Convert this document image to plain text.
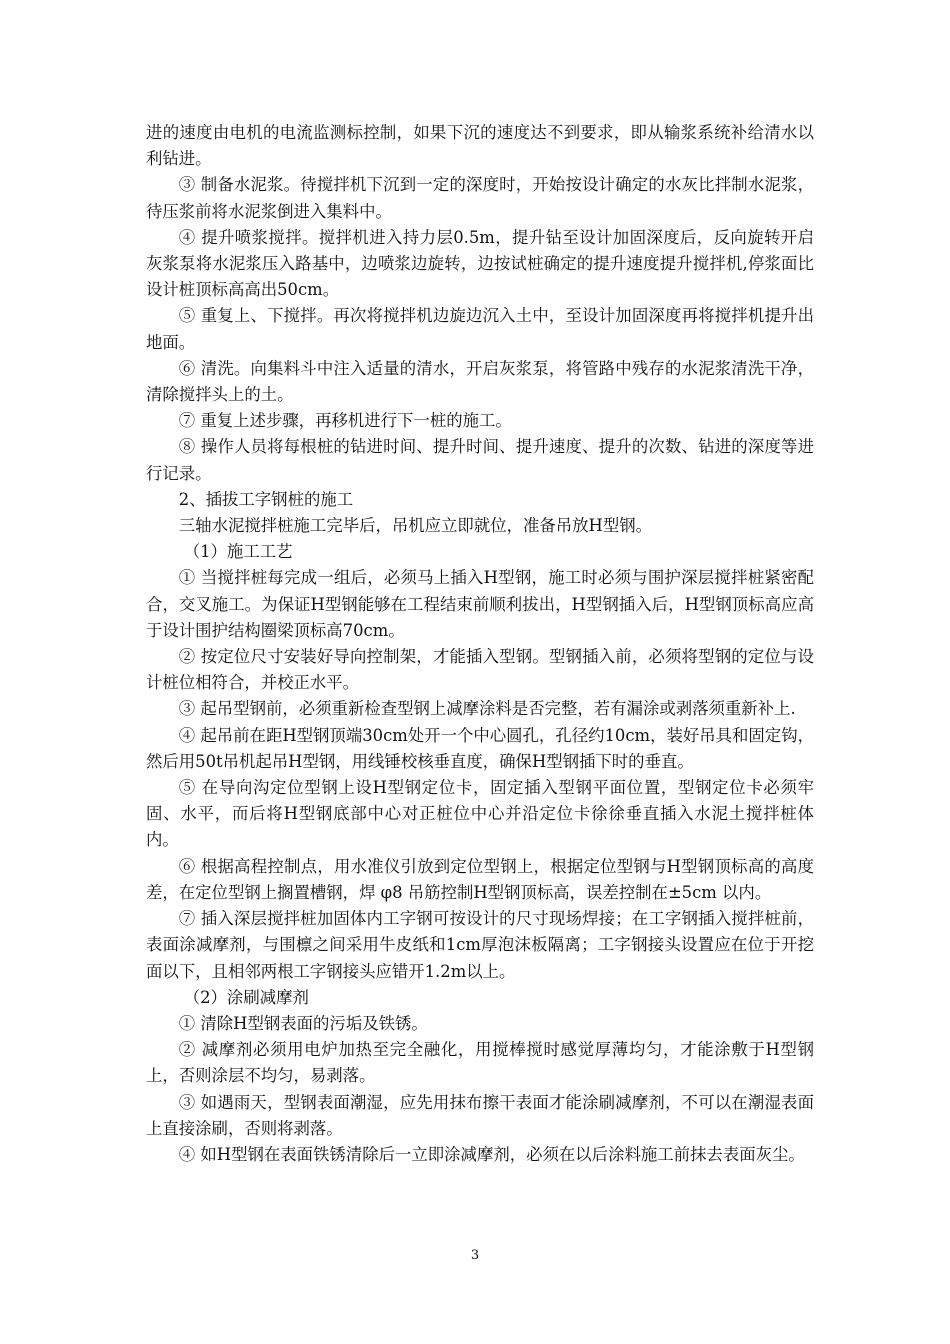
进的速度由电机的电流监测标控制，如果下沉的速度达不到要求，即从输浆系统补给清水以利钻进。

③ 制备水泥浆。待搅拌机下沉到一定的深度时，开始按设计确定的水灰比拌制水泥浆，待压浆前将水泥浆倒进入集料中。

④ 提升喷浆搅拌。搅拌机进入持力层0.5m，提升钻至设计加固深度后，反向旋转开启灰浆泵将水泥浆压入路基中，边喷浆边旋转，边按试桩确定的提升速度提升搅拌机,停浆面比设计桩顶标高高出50cm。

⑤ 重复上、下搅拌。再次将搅拌机边旋边沉入土中，至设计加固深度再将搅拌机提升出地面。

⑥ 清洗。向集料斗中注入适量的清水，开启灰浆泵，将管路中残存的水泥浆清洗干净，清除搅拌头上的土。

⑦ 重复上述步骤，再移机进行下一桩的施工。

⑧ 操作人员将每根桩的钻进时间、提升时间、提升速度、提升的次数、钻进的深度等进行记录。

2、插拔工字钢桩的施工

三轴水泥搅拌桩施工完毕后，吊机应立即就位，准备吊放H型钢。

（1）施工工艺

① 当搅拌桩每完成一组后，必须马上插入H型钢，施工时必须与围护深层搅拌桩紧密配合，交叉施工。为保证H型钢能够在工程结束前顺利拔出，H型钢插入后，H型钢顶标高应高于设计围护结构圈梁顶标高70cm。

② 按定位尺寸安装好导向控制架，才能插入型钢。型钢插入前，必须将型钢的定位与设计桩位相符合，并校正水平。

③ 起吊型钢前，必须重新检查型钢上减摩涂料是否完整，若有漏涂或剥落须重新补上.

④ 起吊前在距H型钢顶端30cm处开一个中心圆孔，孔径约10cm，装好吊具和固定钩，然后用50t吊机起吊H型钢，用线锤校核垂直度，确保H型钢插下时的垂直。

⑤ 在导向沟定位型钢上设H型钢定位卡，固定插入型钢平面位置，型钢定位卡必须牢固、水平，而后将H型钢底部中心对正桩位中心并沿定位卡徐徐垂直插入水泥土搅拌桩体内。

⑥ 根据高程控制点，用水准仪引放到定位型钢上，根据定位型钢与H型钢顶标高的高度差，在定位型钢上搁置槽钢，焊 φ8 吊筋控制H型钢顶标高，误差控制在±5cm 以内。

⑦ 插入深层搅拌桩加固体内工字钢可按设计的尺寸现场焊接；在工字钢插入搅拌桩前，表面涂减摩剂，与围檩之间采用牛皮纸和1cm厚泡沫板隔离；工字钢接头设置应在位于开挖面以下，且相邻两根工字钢接头应错开1.2m以上。

（2）涂刷减摩剂

① 清除H型钢表面的污垢及铁锈。

② 减摩剂必须用电炉加热至完全融化，用搅棒搅时感觉厚薄均匀，才能涂敷于H型钢上，否则涂层不均匀，易剥落。

③ 如遇雨天，型钢表面潮湿，应先用抹布擦干表面才能涂刷减摩剂，不可以在潮湿表面上直接涂刷，否则将剥落。

④ 如H型钢在表面铁锈清除后一立即涂减摩剂，必须在以后涂料施工前抹去表面灰尘。

3
